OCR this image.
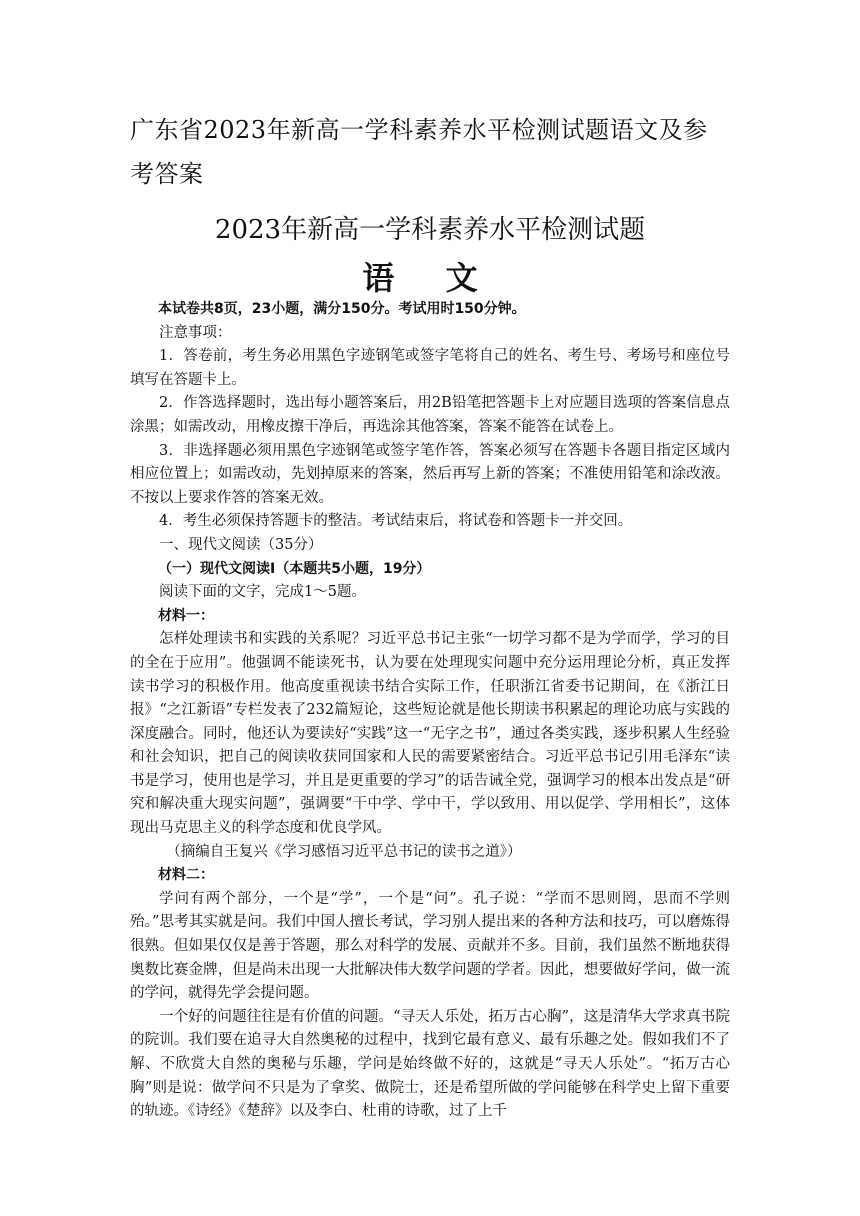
广东省2023年新高一学科素养水平检测试题语文及参考答案
2023年新高一学科素养水平检测试题
语 文

本试卷共8页，23小题，满分150分。考试用时150分钟。

注意事项：

1．答卷前，考生务必用黑色字迹钢笔或签字笔将自己的姓名、考生号、考场号和座位号填写在答题卡上。

2．作答选择题时，选出每小题答案后，用2B铅笔把答题卡上对应题目选项的答案信息点涂黑；如需改动，用橡皮擦干净后，再选涂其他答案，答案不能答在试卷上。

3．非选择题必须用黑色字迹钢笔或签字笔作答，答案必须写在答题卡各题目指定区域内相应位置上；如需改动，先划掉原来的答案，然后再写上新的答案；不准使用铅笔和涂改液。不按以上要求作答的答案无效。

4．考生必须保持答题卡的整洁。考试结束后，将试卷和答题卡一并交回。

一、现代文阅读（35分）

（一）现代文阅读Ⅰ（本题共5小题，19分）

阅读下面的文字，完成1～5题。

材料一：

怎样处理读书和实践的关系呢？习近平总书记主张“一切学习都不是为学而学，学习的目的全在于应用”。他强调不能读死书，认为要在处理现实问题中充分运用理论分析，真正发挥读书学习的积极作用。他高度重视读书结合实际工作，任职浙江省委书记期间，在《浙江日报》“之江新语”专栏发表了232篇短论，这些短论就是他长期读书积累起的理论功底与实践的深度融合。同时，他还认为要读好“实践”这一“无字之书”，通过各类实践，逐步积累人生经验和社会知识，把自己的阅读收获同国家和人民的需要紧密结合。习近平总书记引用毛泽东“读书是学习，使用也是学习，并且是更重要的学习”的话告诫全党，强调学习的根本出发点是“研究和解决重大现实问题”，强调要“干中学、学中干，学以致用、用以促学、学用相长”，这体现出马克思主义的科学态度和优良学风。

（摘编自王复兴《学习感悟习近平总书记的读书之道》）

材料二：

学问有两个部分，一个是“学”，一个是“问”。孔子说：“学而不思则罔，思而不学则殆。”思考其实就是问。我们中国人擅长考试，学习别人提出来的各种方法和技巧，可以磨炼得很熟。但如果仅仅是善于答题，那么对科学的发展、贡献并不多。目前，我们虽然不断地获得奥数比赛金牌，但是尚未出现一大批解决伟大数学问题的学者。因此，想要做好学问，做一流的学问，就得先学会提问题。

一个好的问题往往是有价值的问题。“寻天人乐处，拓万古心胸”，这是清华大学求真书院的院训。我们要在追寻大自然奥秘的过程中，找到它最有意义、最有乐趣之处。假如我们不了解、不欣赏大自然的奥秘与乐趣，学问是始终做不好的，这就是“寻天人乐处”。“拓万古心胸”则是说：做学问不只是为了拿奖、做院士，还是希望所做的学问能够在科学史上留下重要的轨迹。《诗经》《楚辞》以及李白、杜甫的诗歌，过了上千
